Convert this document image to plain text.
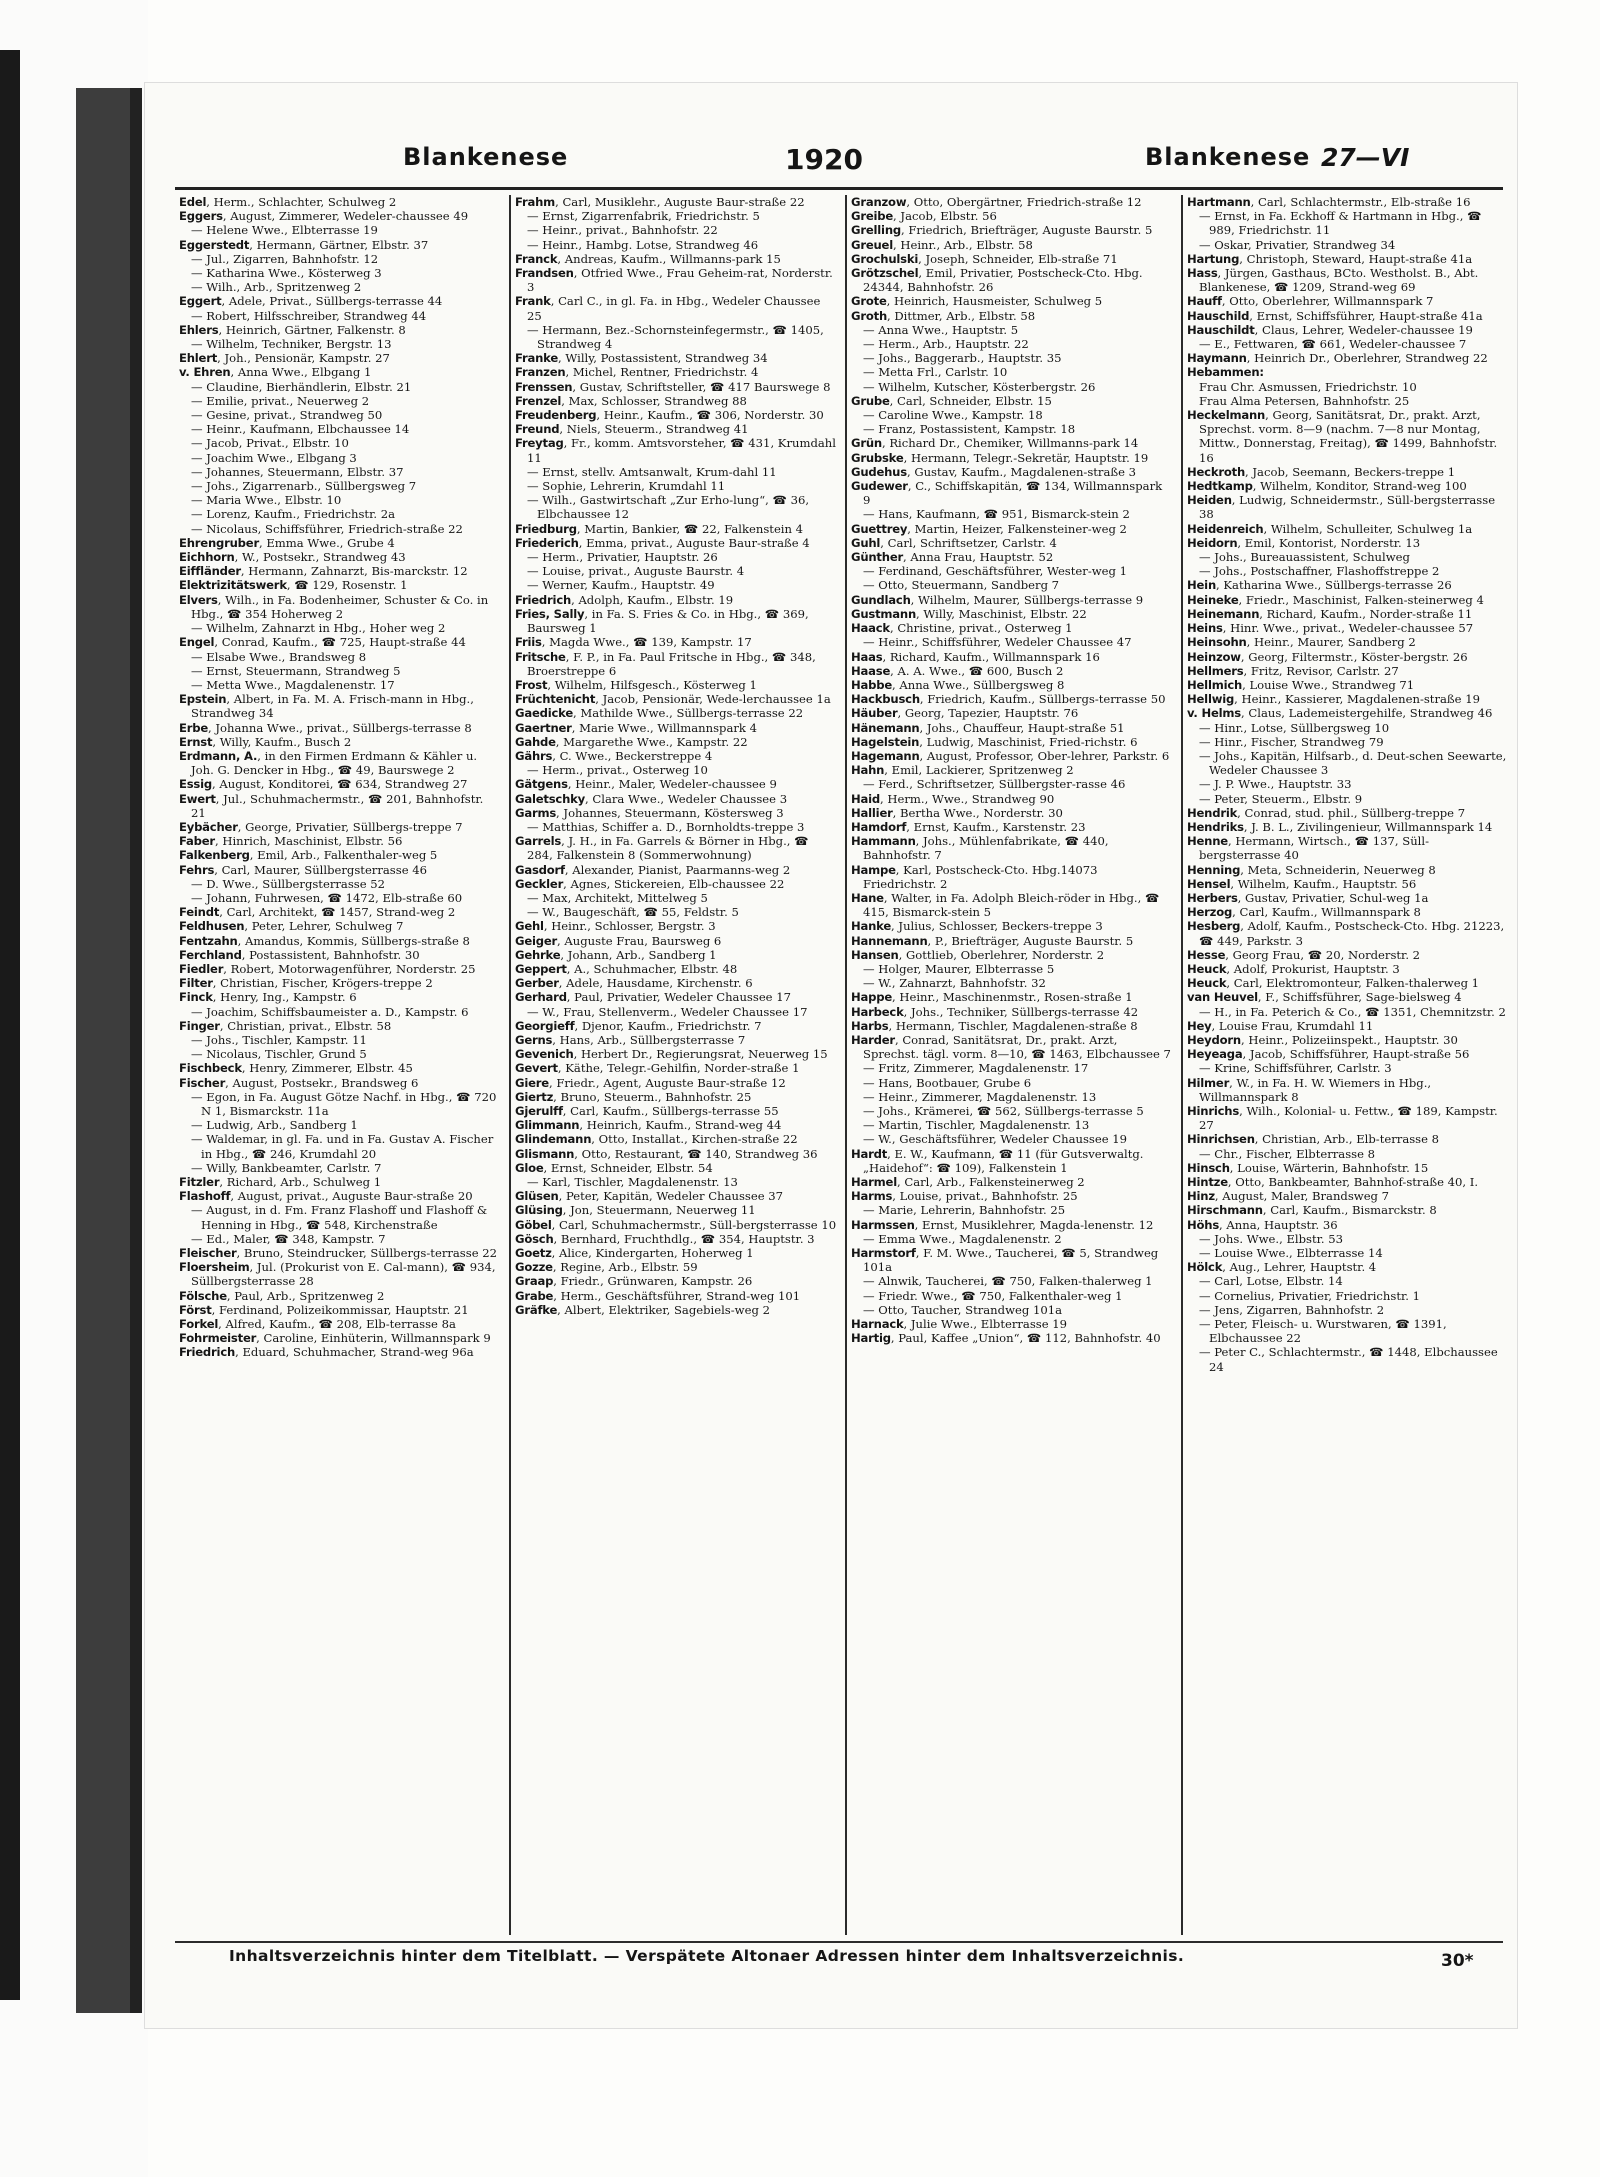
Blankenese	1920	Blankenese 27—VI

Edel, Herm., Schlachter, Schulweg 2

Eggers, August, Zimmerer, Wedeler-chaussee 49

— Helene Wwe., Elbterrasse 19

Eggerstedt, Hermann, Gärtner, Elbstr. 37

— Jul., Zigarren, Bahnhofstr. 12

— Katharina Wwe., Kösterweg 3

— Wilh., Arb., Spritzenweg 2

Eggert, Adele, Privat., Süllbergs-terrasse 44

— Robert, Hilfsschreiber, Strandweg 44

Ehlers, Heinrich, Gärtner, Falkenstr. 8

— Wilhelm, Techniker, Bergstr. 13

Ehlert, Joh., Pensionär, Kampstr. 27

v. Ehren, Anna Wwe., Elbgang 1

— Claudine, Bierhändlerin, Elbstr. 21

— Emilie, privat., Neuerweg 2

— Gesine, privat., Strandweg 50

— Heinr., Kaufmann, Elbchaussee 14

— Jacob, Privat., Elbstr. 10

— Joachim Wwe., Elbgang 3

— Johannes, Steuermann, Elbstr. 37

— Johs., Zigarrenarb., Süllbergsweg 7

— Maria Wwe., Elbstr. 10

— Lorenz, Kaufm., Friedrichstr. 2a

— Nicolaus, Schiffsführer, Friedrich-straße 22

Ehrengruber, Emma Wwe., Grube 4

Eichhorn, W., Postsekr., Strandweg 43

Eiffländer, Hermann, Zahnarzt, Bis-marckstr. 12

Elektrizitätswerk, ☎ 129, Rosenstr. 1

Elvers, Wilh., in Fa. Bodenheimer, Schuster & Co. in Hbg., ☎ 354 Hoherweg 2

— Wilhelm, Zahnarzt in Hbg., Hoher weg 2

Engel, Conrad, Kaufm., ☎ 725, Haupt-straße 44

— Elsabe Wwe., Brandsweg 8

— Ernst, Steuermann, Strandweg 5

— Metta Wwe., Magdalenenstr. 17

Epstein, Albert, in Fa. M. A. Frisch-mann in Hbg., Strandweg 34

Erbe, Johanna Wwe., privat., Süllbergs-terrasse 8

Ernst, Willy, Kaufm., Busch 2

Erdmann, A., in den Firmen Erdmann & Kähler u. Joh. G. Dencker in Hbg., ☎ 49, Baurswege 2

Essig, August, Konditorei, ☎ 634, Strandweg 27

Ewert, Jul., Schuhmachermstr., ☎ 201, Bahnhofstr. 21

Eybächer, George, Privatier, Süllbergs-treppe 7

Faber, Hinrich, Maschinist, Elbstr. 56

Falkenberg, Emil, Arb., Falkenthaler-weg 5

Fehrs, Carl, Maurer, Süllbergsterrasse 46

— D. Wwe., Süllbergsterrasse 52

— Johann, Fuhrwesen, ☎ 1472, Elb-straße 60

Feindt, Carl, Architekt, ☎ 1457, Strand-weg 2

Feldhusen, Peter, Lehrer, Schulweg 7

Fentzahn, Amandus, Kommis, Süllbergs-straße 8

Ferchland, Postassistent, Bahnhofstr. 30

Fiedler, Robert, Motorwagenführer, Norderstr. 25

Filter, Christian, Fischer, Krögers-treppe 2

Finck, Henry, Ing., Kampstr. 6

— Joachim, Schiffsbaumeister a. D., Kampstr. 6

Finger, Christian, privat., Elbstr. 58

— Johs., Tischler, Kampstr. 11

— Nicolaus, Tischler, Grund 5

Fischbeck, Henry, Zimmerer, Elbstr. 45

Fischer, August, Postsekr., Brandsweg 6

— Egon, in Fa. August Götze Nachf. in Hbg., ☎ 720 N 1, Bismarckstr. 11a

— Ludwig, Arb., Sandberg 1

— Waldemar, in gl. Fa. und in Fa. Gustav A. Fischer in Hbg., ☎ 246, Krumdahl 20

— Willy, Bankbeamter, Carlstr. 7

Fitzler, Richard, Arb., Schulweg 1

Flashoff, August, privat., Auguste Baur-straße 20

— August, in d. Fm. Franz Flashoff und Flashoff & Henning in Hbg., ☎ 548, Kirchenstraße

— Ed., Maler, ☎ 348, Kampstr. 7

Fleischer, Bruno, Steindrucker, Süllbergs-terrasse 22

Floersheim, Jul. (Prokurist von E. Cal-mann), ☎ 934, Süllbergsterrasse 28

Fölsche, Paul, Arb., Spritzenweg 2

Först, Ferdinand, Polizeikommissar, Hauptstr. 21

Forkel, Alfred, Kaufm., ☎ 208, Elb-terrasse 8a

Fohrmeister, Caroline, Einhüterin, Willmannspark 9

Friedrich, Eduard, Schuhmacher, Strand-weg 96a

Frahm, Carl, Musiklehr., Auguste Baur-straße 22

— Ernst, Zigarrenfabrik, Friedrichstr. 5

— Heinr., privat., Bahnhofstr. 22

— Heinr., Hambg. Lotse, Strandweg 46

Franck, Andreas, Kaufm., Willmanns-park 15

Frandsen, Otfried Wwe., Frau Geheim-rat, Norderstr. 3

Frank, Carl C., in gl. Fa. in Hbg., Wedeler Chaussee 25

— Hermann, Bez.-Schornsteinfegermstr., ☎ 1405, Strandweg 4

Franke, Willy, Postassistent, Strandweg 34

Franzen, Michel, Rentner, Friedrichstr. 4

Frenssen, Gustav, Schriftsteller, ☎ 417 Baurswege 8

Frenzel, Max, Schlosser, Strandweg 88

Freudenberg, Heinr., Kaufm., ☎ 306, Norderstr. 30

Freund, Niels, Steuerm., Strandweg 41

Freytag, Fr., komm. Amtsvorsteher, ☎ 431, Krumdahl 11

— Ernst, stellv. Amtsanwalt, Krum-dahl 11

— Sophie, Lehrerin, Krumdahl 11

— Wilh., Gastwirtschaft „Zur Erho-lung“, ☎ 36, Elbchaussee 12

Friedburg, Martin, Bankier, ☎ 22, Falkenstein 4

Friederich, Emma, privat., Auguste Baur-straße 4

— Herm., Privatier, Hauptstr. 26

— Louise, privat., Auguste Baurstr. 4

— Werner, Kaufm., Hauptstr. 49

Friedrich, Adolph, Kaufm., Elbstr. 19

Fries, Sally, in Fa. S. Fries & Co. in Hbg., ☎ 369, Baursweg 1

Friis, Magda Wwe., ☎ 139, Kampstr. 17

Fritsche, F. P., in Fa. Paul Fritsche in Hbg., ☎ 348, Broerstreppe 6

Frost, Wilhelm, Hilfsgesch., Kösterweg 1

Früchtenicht, Jacob, Pensionär, Wede-lerchaussee 1a

Gaedicke, Mathilde Wwe., Süllbergs-terrasse 22

Gaertner, Marie Wwe., Willmannspark 4

Gahde, Margarethe Wwe., Kampstr. 22

Gährs, C. Wwe., Beckerstreppe 4

— Herm., privat., Osterweg 10

Gätgens, Heinr., Maler, Wedeler-chaussee 9

Galetschky, Clara Wwe., Wedeler Chaussee 3

Garms, Johannes, Steuermann, Köstersweg 3

— Matthias, Schiffer a. D., Bornholdts-treppe 3

Garrels, J. H., in Fa. Garrels & Börner in Hbg., ☎ 284, Falkenstein 8 (Sommerwohnung)

Gasdorf, Alexander, Pianist, Paarmanns-weg 2

Geckler, Agnes, Stickereien, Elb-chaussee 22

— Max, Architekt, Mittelweg 5

— W., Baugeschäft, ☎ 55, Feldstr. 5

Gehl, Heinr., Schlosser, Bergstr. 3

Geiger, Auguste Frau, Baursweg 6

Gehrke, Johann, Arb., Sandberg 1

Geppert, A., Schuhmacher, Elbstr. 48

Gerber, Adele, Hausdame, Kirchenstr. 6

Gerhard, Paul, Privatier, Wedeler Chaussee 17

— W., Frau, Stellenverm., Wedeler Chaussee 17

Georgieff, Djenor, Kaufm., Friedrichstr. 7

Gerns, Hans, Arb., Süllbergsterrasse 7

Gevenich, Herbert Dr., Regierungsrat, Neuerweg 15

Gevert, Käthe, Telegr.-Gehilfin, Norder-straße 1

Giere, Friedr., Agent, Auguste Baur-straße 12

Giertz, Bruno, Steuerm., Bahnhofstr. 25

Gjerulff, Carl, Kaufm., Süllbergs-terrasse 55

Glimmann, Heinrich, Kaufm., Strand-weg 44

Glindemann, Otto, Installat., Kirchen-straße 22

Glismann, Otto, Restaurant, ☎ 140, Strandweg 36

Gloe, Ernst, Schneider, Elbstr. 54

— Karl, Tischler, Magdalenenstr. 13

Glüsen, Peter, Kapitän, Wedeler Chaussee 37

Glüsing, Jon, Steuermann, Neuerweg 11

Göbel, Carl, Schuhmachermstr., Süll-bergsterrasse 10

Gösch, Bernhard, Fruchthdlg., ☎ 354, Hauptstr. 3

Goetz, Alice, Kindergarten, Hoherweg 1

Gozze, Regine, Arb., Elbstr. 59

Graap, Friedr., Grünwaren, Kampstr. 26

Grabe, Herm., Geschäftsführer, Strand-weg 101

Gräfke, Albert, Elektriker, Sagebiels-weg 2

Granzow, Otto, Obergärtner, Friedrich-straße 12

Greibe, Jacob, Elbstr. 56

Grelling, Friedrich, Briefträger, Auguste Baurstr. 5

Greuel, Heinr., Arb., Elbstr. 58

Grochulski, Joseph, Schneider, Elb-straße 71

Grötzschel, Emil, Privatier, Postscheck-Cto. Hbg. 24344, Bahnhofstr. 26

Grote, Heinrich, Hausmeister, Schulweg 5

Groth, Dittmer, Arb., Elbstr. 58

— Anna Wwe., Hauptstr. 5

— Herm., Arb., Hauptstr. 22

— Johs., Baggerarb., Hauptstr. 35

— Metta Frl., Carlstr. 10

— Wilhelm, Kutscher, Kösterbergstr. 26

Grube, Carl, Schneider, Elbstr. 15

— Caroline Wwe., Kampstr. 18

— Franz, Postassistent, Kampstr. 18

Grün, Richard Dr., Chemiker, Willmanns-park 14

Grubske, Hermann, Telegr.-Sekretär, Hauptstr. 19

Gudehus, Gustav, Kaufm., Magdalenen-straße 3

Gudewer, C., Schiffskapitän, ☎ 134, Willmannspark 9

— Hans, Kaufmann, ☎ 951, Bismarck-stein 2

Guettrey, Martin, Heizer, Falkensteiner-weg 2

Guhl, Carl, Schriftsetzer, Carlstr. 4

Günther, Anna Frau, Hauptstr. 52

— Ferdinand, Geschäftsführer, Wester-weg 1

— Otto, Steuermann, Sandberg 7

Gundlach, Wilhelm, Maurer, Süllbergs-terrasse 9

Gustmann, Willy, Maschinist, Elbstr. 22

Haack, Christine, privat., Osterweg 1

— Heinr., Schiffsführer, Wedeler Chaussee 47

Haas, Richard, Kaufm., Willmannspark 16

Haase, A. A. Wwe., ☎ 600, Busch 2

Habbe, Anna Wwe., Süllbergsweg 8

Hackbusch, Friedrich, Kaufm., Süllbergs-terrasse 50

Häuber, Georg, Tapezier, Hauptstr. 76

Hänemann, Johs., Chauffeur, Haupt-straße 51

Hagelstein, Ludwig, Maschinist, Fried-richstr. 6

Hagemann, August, Professor, Ober-lehrer, Parkstr. 6

Hahn, Emil, Lackierer, Spritzenweg 2

— Ferd., Schriftsetzer, Süllbergster-rasse 46

Haid, Herm., Wwe., Strandweg 90

Hallier, Bertha Wwe., Norderstr. 30

Hamdorf, Ernst, Kaufm., Karstenstr. 23

Hammann, Johs., Mühlenfabrikate, ☎ 440, Bahnhofstr. 7

Hampe, Karl, Postscheck-Cto. Hbg.14073 Friedrichstr. 2

Hane, Walter, in Fa. Adolph Bleich-röder in Hbg., ☎ 415, Bismarck-stein 5

Hanke, Julius, Schlosser, Beckers-treppe 3

Hannemann, P., Briefträger, Auguste Baurstr. 5

Hansen, Gottlieb, Oberlehrer, Norderstr. 2

— Holger, Maurer, Elbterrasse 5

— W., Zahnarzt, Bahnhofstr. 32

Happe, Heinr., Maschinenmstr., Rosen-straße 1

Harbeck, Johs., Techniker, Süllbergs-terrasse 42

Harbs, Hermann, Tischler, Magdalenen-straße 8

Harder, Conrad, Sanitätsrat, Dr., prakt. Arzt, Sprechst. tägl. vorm. 8—10, ☎ 1463, Elbchaussee 7

— Fritz, Zimmerer, Magdalenenstr. 17

— Hans, Bootbauer, Grube 6

— Heinr., Zimmerer, Magdalenenstr. 13

— Johs., Krämerei, ☎ 562, Süllbergs-terrasse 5

— Martin, Tischler, Magdalenenstr. 13

— W., Geschäftsführer, Wedeler Chaussee 19

Hardt, E. W., Kaufmann, ☎ 11 (für Gutsverwaltg. „Haidehof“: ☎ 109), Falkenstein 1

Harmel, Carl, Arb., Falkensteinerweg 2

Harms, Louise, privat., Bahnhofstr. 25

— Marie, Lehrerin, Bahnhofstr. 25

Harmssen, Ernst, Musiklehrer, Magda-lenenstr. 12

— Emma Wwe., Magdalenenstr. 2

Harmstorf, F. M. Wwe., Taucherei, ☎ 5, Strandweg 101a

— Alnwik, Taucherei, ☎ 750, Falken-thalerweg 1

— Friedr. Wwe., ☎ 750, Falkenthaler-weg 1

— Otto, Taucher, Strandweg 101a

Harnack, Julie Wwe., Elbterrasse 19

Hartig, Paul, Kaffee „Union“, ☎ 112, Bahnhofstr. 40

Hartmann, Carl, Schlachtermstr., Elb-straße 16

— Ernst, in Fa. Eckhoff & Hartmann in Hbg., ☎ 989, Friedrichstr. 11

— Oskar, Privatier, Strandweg 34

Hartung, Christoph, Steward, Haupt-straße 41a

Hass, Jürgen, Gasthaus, BCto. Westholst. B., Abt. Blankenese, ☎ 1209, Strand-weg 69

Hauff, Otto, Oberlehrer, Willmannspark 7

Hauschild, Ernst, Schiffsführer, Haupt-straße 41a

Hauschildt, Claus, Lehrer, Wedeler-chaussee 19

— E., Fettwaren, ☎ 661, Wedeler-chaussee 7

Haymann, Heinrich Dr., Oberlehrer, Strandweg 22

Hebammen:

Frau Chr. Asmussen, Friedrichstr. 10

Frau Alma Petersen, Bahnhofstr. 25

Heckelmann, Georg, Sanitätsrat, Dr., prakt. Arzt, Sprechst. vorm. 8—9 (nachm. 7—8 nur Montag, Mittw., Donnerstag, Freitag), ☎ 1499, Bahnhofstr. 16

Heckroth, Jacob, Seemann, Beckers-treppe 1

Hedtkamp, Wilhelm, Konditor, Strand-weg 100

Heiden, Ludwig, Schneidermstr., Süll-bergsterrasse 38

Heidenreich, Wilhelm, Schulleiter, Schulweg 1a

Heidorn, Emil, Kontorist, Norderstr. 13

— Johs., Bureauassistent, Schulweg

— Johs., Postschaffner, Flashoffstreppe 2

Hein, Katharina Wwe., Süllbergs-terrasse 26

Heineke, Friedr., Maschinist, Falken-steinerweg 4

Heinemann, Richard, Kaufm., Norder-straße 11

Heins, Hinr. Wwe., privat., Wedeler-chaussee 57

Heinsohn, Heinr., Maurer, Sandberg 2

Heinzow, Georg, Filtermstr., Köster-bergstr. 26

Hellmers, Fritz, Revisor, Carlstr. 27

Hellmich, Louise Wwe., Strandweg 71

Hellwig, Heinr., Kassierer, Magdalenen-straße 19

v. Helms, Claus, Lademeistergehilfe, Strandweg 46

— Hinr., Lotse, Süllbergsweg 10

— Hinr., Fischer, Strandweg 79

— Johs., Kapitän, Hilfsarb., d. Deut-schen Seewarte, Wedeler Chaussee 3

— J. P. Wwe., Hauptstr. 33

— Peter, Steuerm., Elbstr. 9

Hendrik, Conrad, stud. phil., Süllberg-treppe 7

Hendriks, J. B. L., Zivilingenieur, Willmannspark 14

Henne, Hermann, Wirtsch., ☎ 137, Süll-bergsterrasse 40

Henning, Meta, Schneiderin, Neuerweg 8

Hensel, Wilhelm, Kaufm., Hauptstr. 56

Herbers, Gustav, Privatier, Schul-weg 1a

Herzog, Carl, Kaufm., Willmannspark 8

Hesberg, Adolf, Kaufm., Postscheck-Cto. Hbg. 21223, ☎ 449, Parkstr. 3

Hesse, Georg Frau, ☎ 20, Norderstr. 2

Heuck, Adolf, Prokurist, Hauptstr. 3

Heuck, Carl, Elektromonteur, Falken-thalerweg 1

van Heuvel, F., Schiffsführer, Sage-bielsweg 4

— H., in Fa. Peterich & Co., ☎ 1351, Chemnitzstr. 2

Hey, Louise Frau, Krumdahl 11

Heydorn, Heinr., Polizeiinspekt., Hauptstr. 30

Heyeaga, Jacob, Schiffsführer, Haupt-straße 56

— Krine, Schiffsführer, Carlstr. 3

Hilmer, W., in Fa. H. W. Wiemers in Hbg., Willmannspark 8

Hinrichs, Wilh., Kolonial- u. Fettw., ☎ 189, Kampstr. 27

Hinrichsen, Christian, Arb., Elb-terrasse 8

— Chr., Fischer, Elbterrasse 8

Hinsch, Louise, Wärterin, Bahnhofstr. 15

Hintze, Otto, Bankbeamter, Bahnhof-straße 40, I.

Hinz, August, Maler, Brandsweg 7

Hirschmann, Carl, Kaufm., Bismarckstr. 8

Höhs, Anna, Hauptstr. 36

— Johs. Wwe., Elbstr. 53

— Louise Wwe., Elbterrasse 14

Hölck, Aug., Lehrer, Hauptstr. 4

— Carl, Lotse, Elbstr. 14

— Cornelius, Privatier, Friedrichstr. 1

— Jens, Zigarren, Bahnhofstr. 2

— Peter, Fleisch- u. Wurstwaren, ☎ 1391, Elbchaussee 22

— Peter C., Schlachtermstr., ☎ 1448, Elbchaussee 24

Inhaltsverzeichnis hinter dem Titelblatt. — Verspätete Altonaer Adressen hinter dem Inhaltsverzeichnis.	30*
